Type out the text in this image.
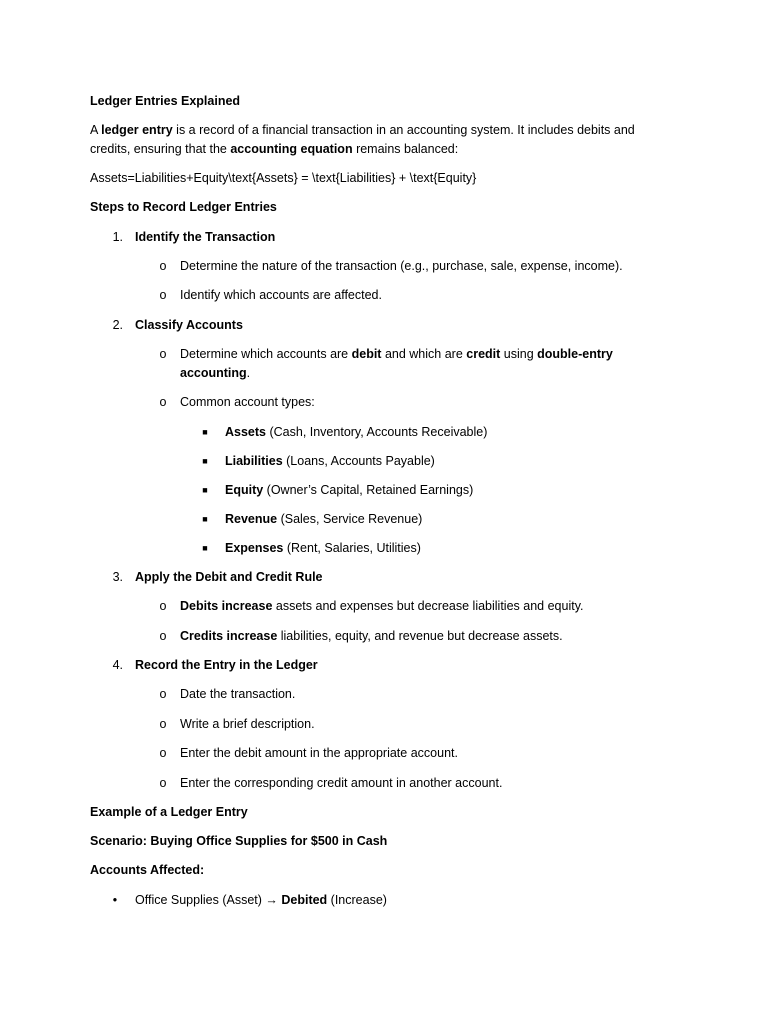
Ledger Entries Explained
A ledger entry is a record of a financial transaction in an accounting system. It includes debits and
credits, ensuring that the accounting equation remains balanced:
Assets=Liabilities+Equity\text{Assets} = \text{Liabilities} + \text{Equity}
Steps to Record Ledger Entries
1. Identify the Transaction
o Determine the nature of the transaction (e.g., purchase, sale, expense, income).
o Identify which accounts are affected.
2. Classify Accounts
o Determine which accounts are debit and which are credit using double-entry
accounting.
o Common account types:
■ Assets (Cash, Inventory, Accounts Receivable)
■ Liabilities (Loans, Accounts Payable)
■ Equity (Owner’s Capital, Retained Earnings)
■ Revenue (Sales, Service Revenue)
■ Expenses (Rent, Salaries, Utilities)
3. Apply the Debit and Credit Rule
o Debits increase assets and expenses but decrease liabilities and equity.
o Credits increase liabilities, equity, and revenue but decrease assets.
4. Record the Entry in the Ledger
o Date the transaction.
o Write a brief description.
o Enter the debit amount in the appropriate account.
o Enter the corresponding credit amount in another account.
Example of a Ledger Entry
Scenario: Buying Office Supplies for $500 in Cash
Accounts Affected:
• Office Supplies (Asset) → Debited (Increase)
